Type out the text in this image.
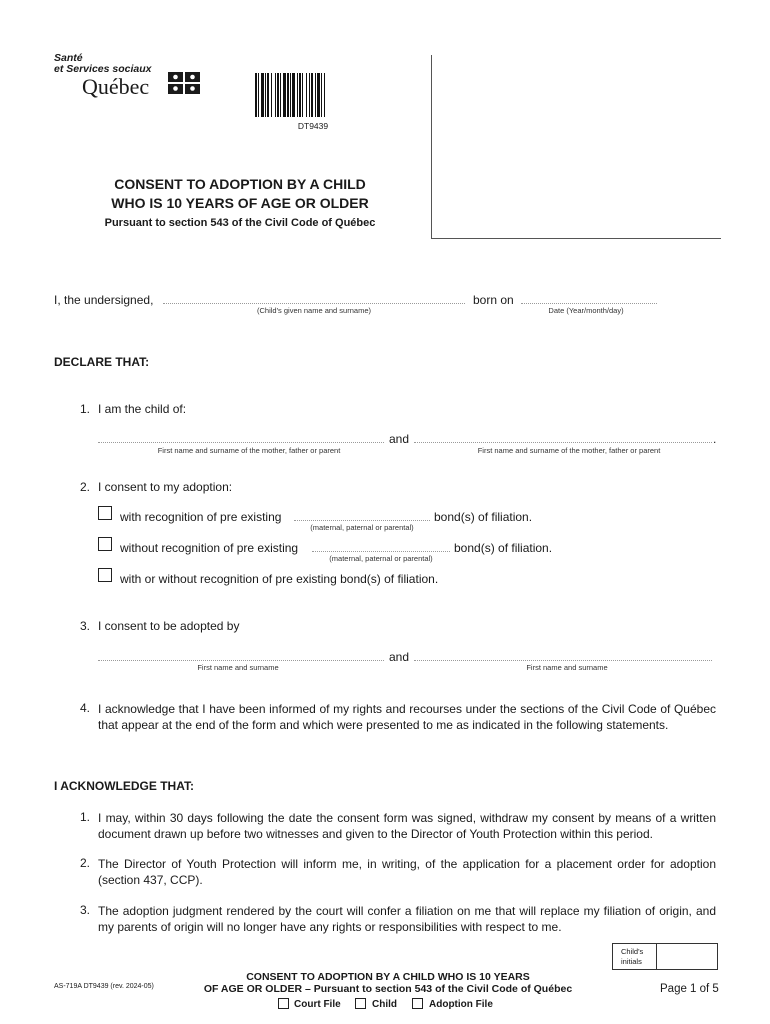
Santé
et Services sociaux
Québec
DT9439
CONSENT TO ADOPTION BY A CHILD
WHO IS 10 YEARS OF AGE OR OLDER
Pursuant to section 543 of the Civil Code of Québec
I, the undersigned,
(Child's given name and surname)
born on
Date (Year/month/day)
DECLARE THAT:
1. I am the child of:
First name and surname of the mother, father or parent
and
First name and surname of the mother, father or parent
.
2. I consent to my adoption:
with recognition of pre existing
(maternal, paternal or parental)
bond(s) of filiation.
without recognition of pre existing
(maternal, paternal or parental)
bond(s) of filiation.
with or without recognition of pre existing bond(s) of filiation.
3. I consent to be adopted by
First name and surname
and
First name and surname
4. I acknowledge that I have been informed of my rights and recourses under the sections of the Civil Code of Québec that appear at the end of the form and which were presented to me as indicated in the following statements.
I ACKNOWLEDGE THAT:
1. I may, within 30 days following the date the consent form was signed, withdraw my consent by means of a written document drawn up before two witnesses and given to the Director of Youth Protection within this period.
2. The Director of Youth Protection will inform me, in writing, of the application for a placement order for adoption (section 437, CCP).
3. The adoption judgment rendered by the court will confer a filiation on me that will replace my filiation of origin, and my parents of origin will no longer have any rights or responsibilities with respect to me.
Child's
initials
AS-719A DT9439 (rev. 2024-05)
CONSENT TO ADOPTION BY A CHILD WHO IS 10 YEARS
OF AGE OR OLDER – Pursuant to section 543 of the Civil Code of Québec	Page 1 of 5
Court File	Child	Adoption File
